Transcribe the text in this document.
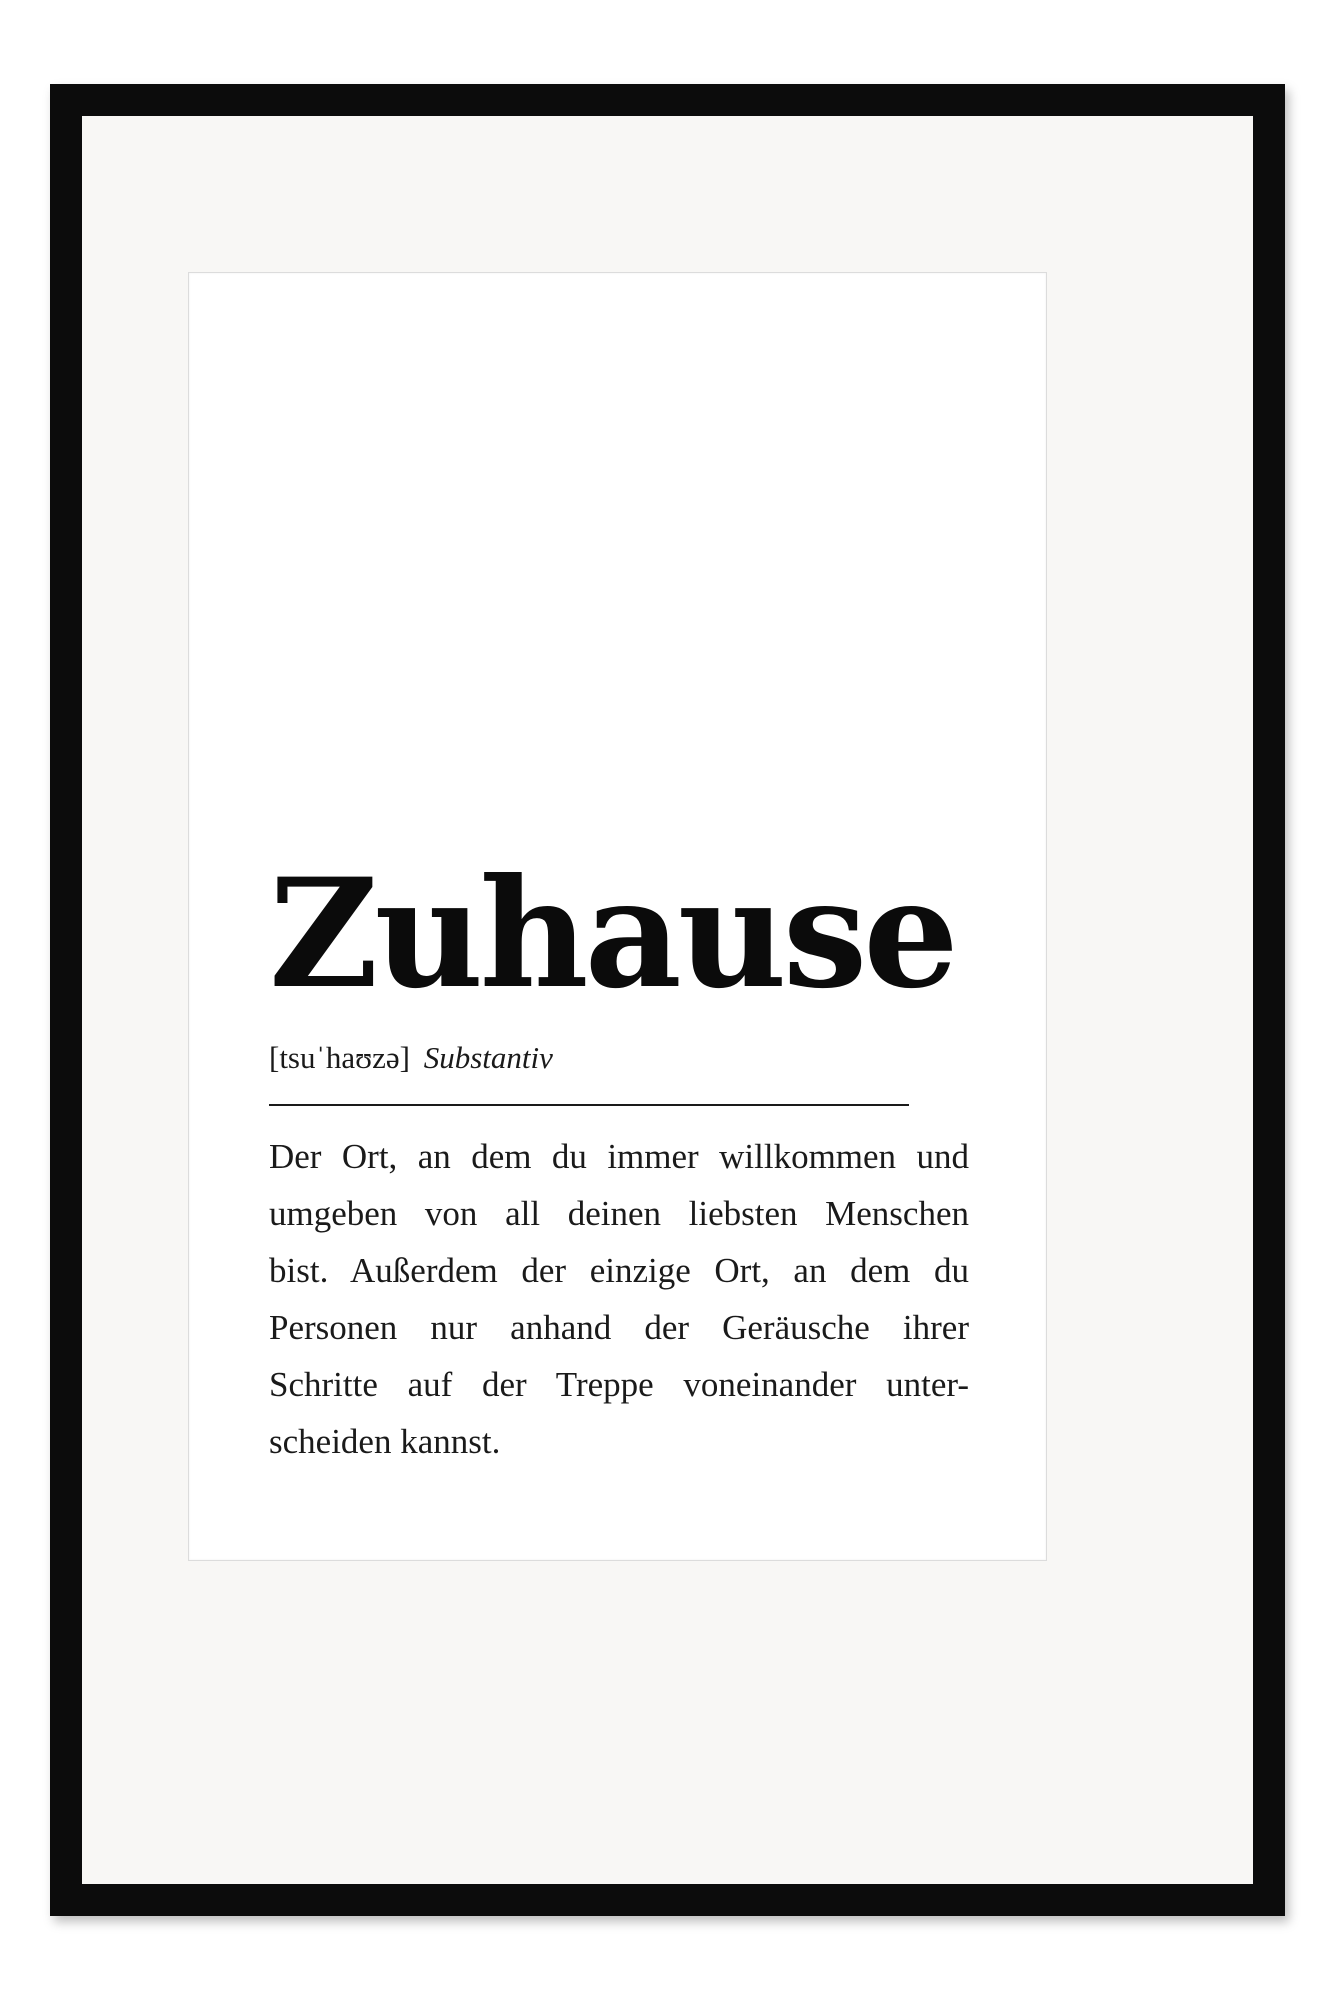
Zuhause
[tsuˈhaʊzə] Substantiv
Der Ort, an dem du immer willkommen und
umgeben von all deinen liebsten Menschen
bist. Außerdem der einzige Ort, an dem du
Personen nur anhand der Geräusche ihrer
Schritte auf der Treppe voneinander unter-
scheiden kannst.
